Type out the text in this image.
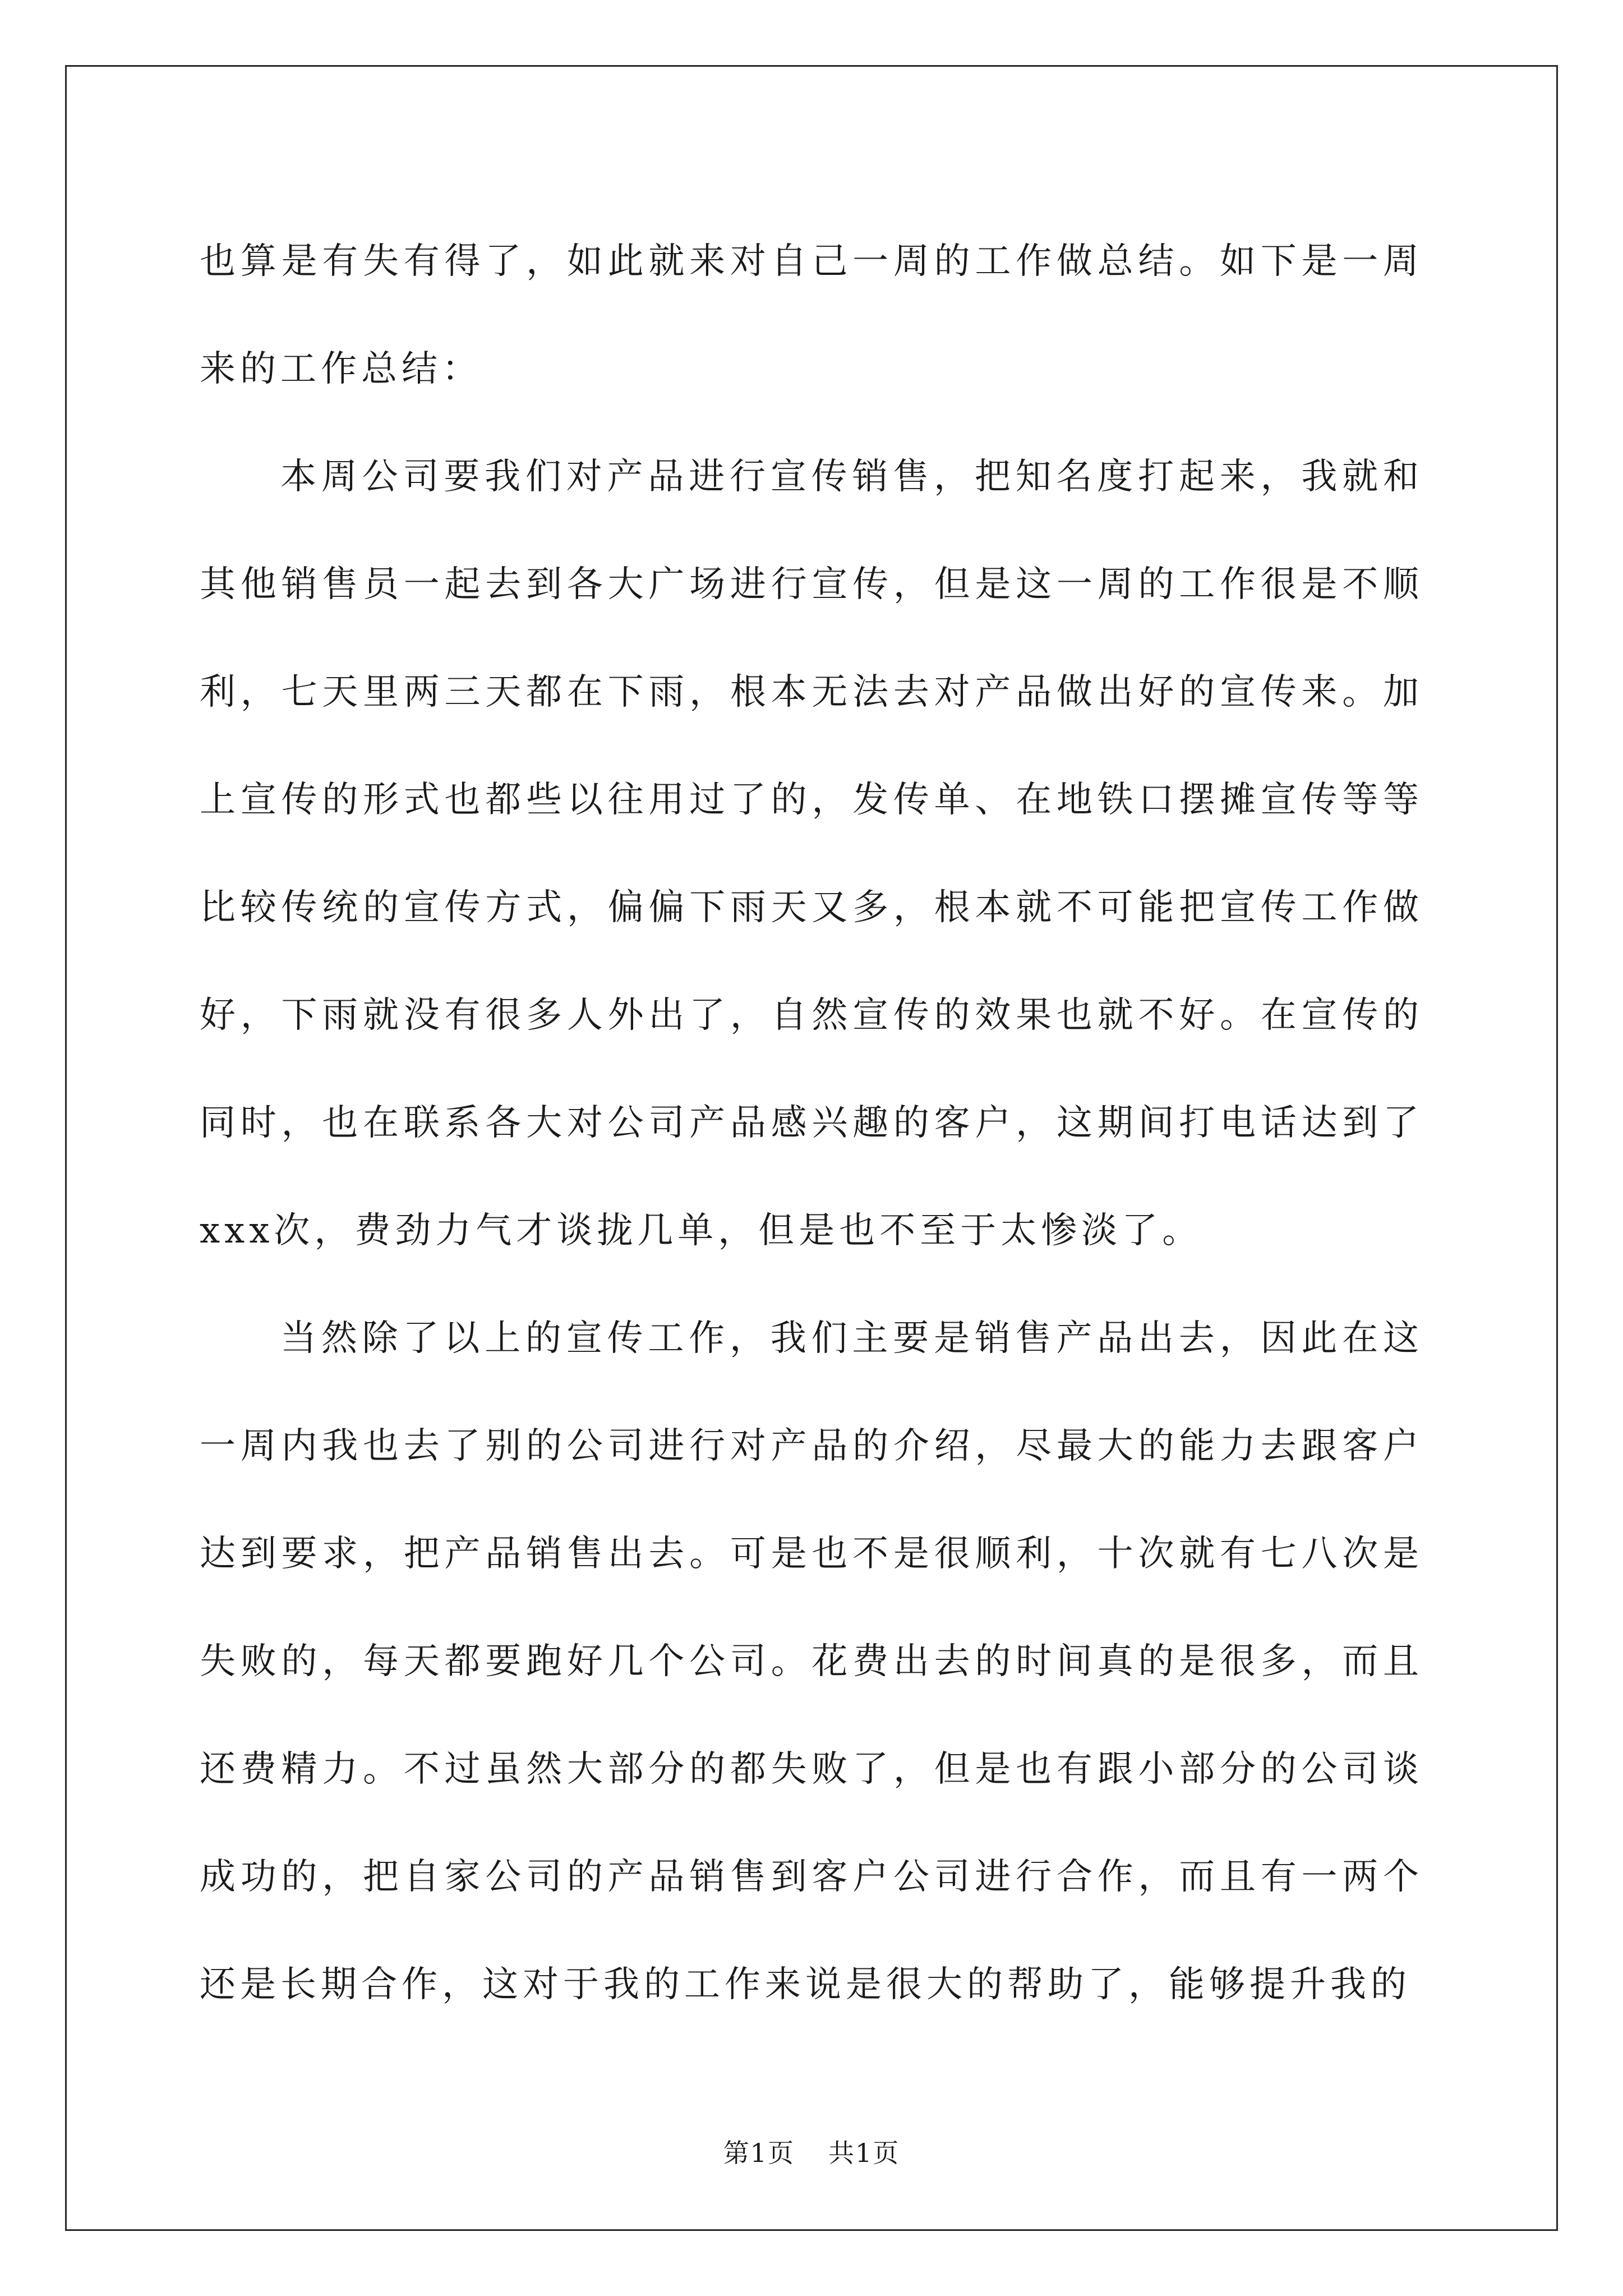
也算是有失有得了，如此就来对自己一周的工作做总结。如下是一周来的工作总结：

本周公司要我们对产品进行宣传销售，把知名度打起来，我就和其他销售员一起去到各大广场进行宣传，但是这一周的工作很是不顺利，七天里两三天都在下雨，根本无法去对产品做出好的宣传来。加上宣传的形式也都些以往用过了的，发传单、在地铁口摆摊宣传等等比较传统的宣传方式，偏偏下雨天又多，根本就不可能把宣传工作做好，下雨就没有很多人外出了，自然宣传的效果也就不好。在宣传的同时，也在联系各大对公司产品感兴趣的客户，这期间打电话达到了xxx次，费劲力气才谈拢几单，但是也不至于太惨淡了。

当然除了以上的宣传工作，我们主要是销售产品出去，因此在这一周内我也去了别的公司进行对产品的介绍，尽最大的能力去跟客户达到要求，把产品销售出去。可是也不是很顺利，十次就有七八次是失败的，每天都要跑好几个公司。花费出去的时间真的是很多，而且还费精力。不过虽然大部分的都失败了，但是也有跟小部分的公司谈成功的，把自家公司的产品销售到客户公司进行合作，而且有一两个还是长期合作，这对于我的工作来说是很大的帮助了，能够提升我的

第1页 共1页
